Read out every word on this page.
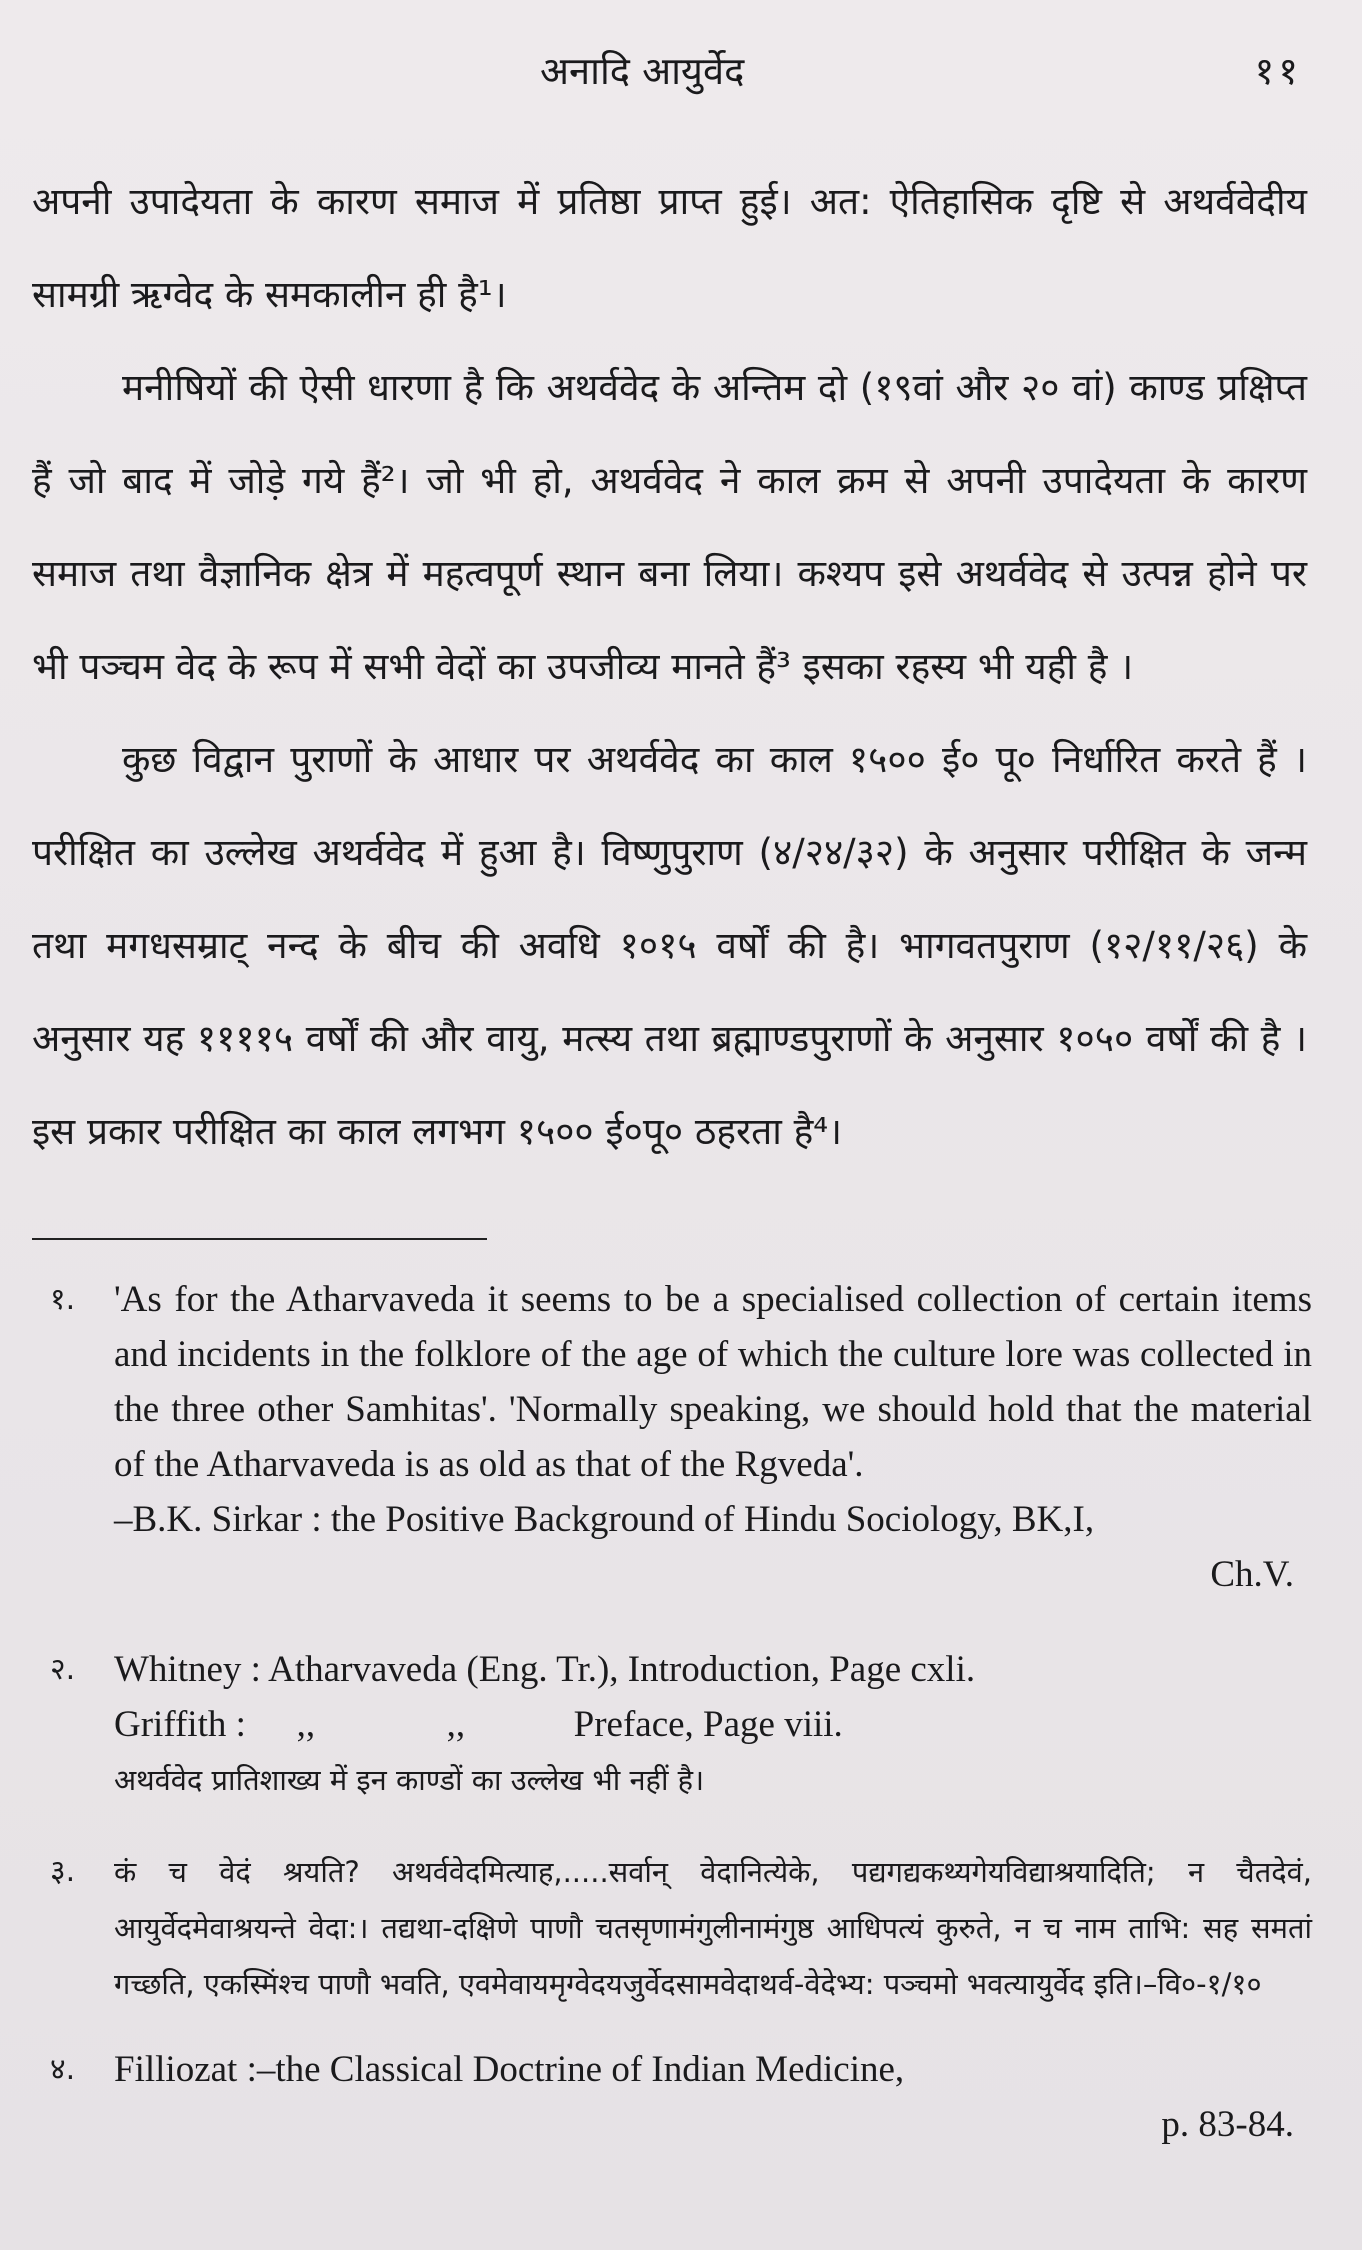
अनादि आयुर्वेद	११

अपनी उपादेयता के कारण समाज में प्रतिष्ठा प्राप्त हुई। अत: ऐतिहासिक दृष्टि से अथर्ववेदीय सामग्री ऋग्वेद के समकालीन ही है¹।

मनीषियों की ऐसी धारणा है कि अथर्ववेद के अन्तिम दो (१९वां और २० वां) काण्ड प्रक्षिप्त हैं जो बाद में जोड़े गये हैं²। जो भी हो, अथर्ववेद ने काल क्रम से अपनी उपादेयता के कारण समाज तथा वैज्ञानिक क्षेत्र में महत्वपूर्ण स्थान बना लिया। कश्यप इसे अथर्ववेद से उत्पन्न होने पर भी पञ्चम वेद के रूप में सभी वेदों का उपजीव्य मानते हैं³ इसका रहस्य भी यही है ।

कुछ विद्वान पुराणों के आधार पर अथर्ववेद का काल १५०० ई० पू० निर्धारित करते हैं । परीक्षित का उल्लेख अथर्ववेद में हुआ है। विष्णुपुराण (४/२४/३२) के अनुसार परीक्षित के जन्म तथा मगधसम्राट् नन्द के बीच की अवधि १०१५ वर्षों की है। भागवतपुराण (१२/११/२६) के अनुसार यह ११११५ वर्षों की और वायु, मत्स्य तथा ब्रह्माण्डपुराणों के अनुसार १०५० वर्षों की है । इस प्रकार परीक्षित का काल लगभग १५०० ई०पू० ठहरता है⁴।

१. 'As for the Atharvaveda it seems to be a specialised collection of certain items and incidents in the folklore of the age of which the culture lore was collected in the three other Samhitas'. 'Normally speaking, we should hold that the material of the Atharvaveda is as old as that of the Rgveda'.
–B.K. Sirkar : the Positive Background of Hindu Sociology, BK,I,
Ch.V.
२. Whitney : Atharvaveda (Eng. Tr.), Introduction, Page cxli.
Griffith : ,,	,,	Preface, Page viii.
अथर्ववेद प्रातिशाख्य में इन काण्डों का उल्लेख भी नहीं है।
३. कं च वेदं श्रयति? अथर्ववेदमित्याह,.....सर्वान् वेदानित्येके, पद्यगद्यकथ्यगेयविद्याश्रयादिति; न चैतदेवं, आयुर्वेदमेवाश्रयन्ते वेदा:। तद्यथा-दक्षिणे पाणौ चतसृणामंगुलीनामंगुष्ठ आधिपत्यं कुरुते, न च नाम ताभि: सह समतां गच्छति, एकस्मिंश्च पाणौ भवति, एवमेवायमृग्वेदयजुर्वेदसामवेदाथर्व-वेदेभ्य: पञ्चमो भवत्यायुर्वेद इति।–वि०-१/१०
४. Filliozat :–the Classical Doctrine of Indian Medicine,
p. 83-84.
